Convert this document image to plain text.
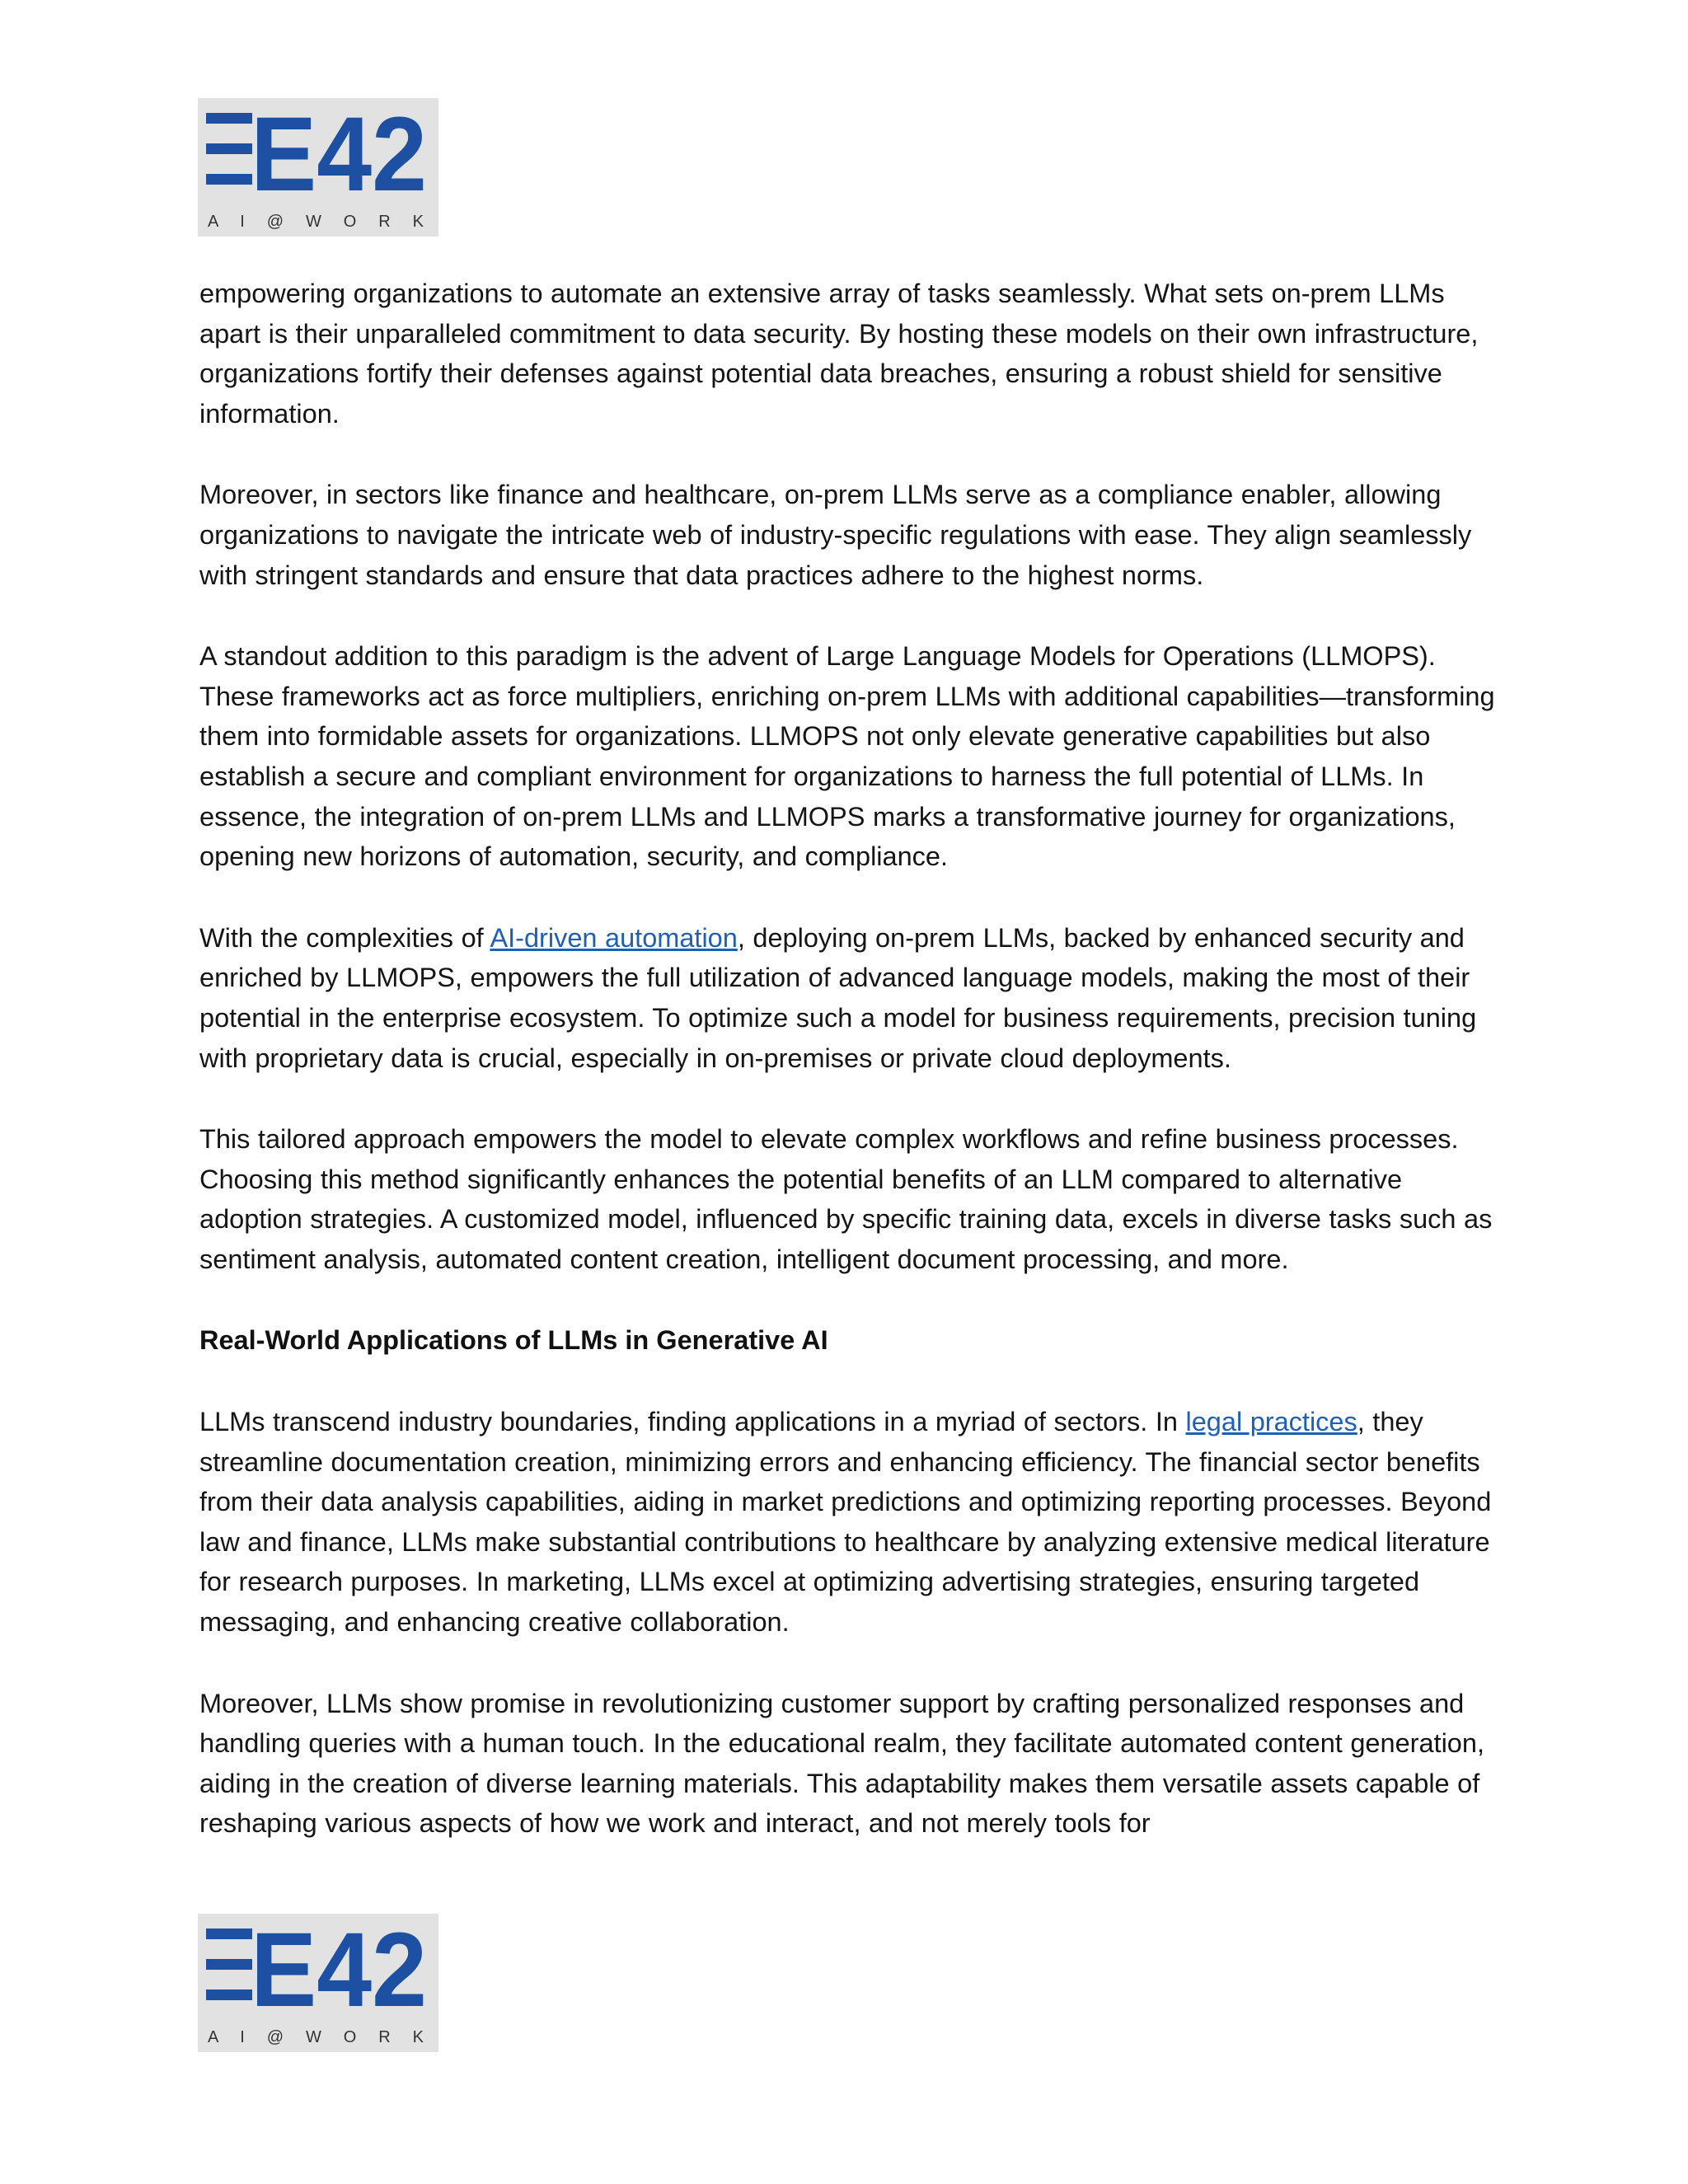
E42
A I @ W O R K

empowering organizations to automate an extensive array of tasks seamlessly. What sets on-prem LLMs apart is their unparalleled commitment to data security. By hosting these models on their own infrastructure, organizations fortify their defenses against potential data breaches, ensuring a robust shield for sensitive information.

Moreover, in sectors like finance and healthcare, on-prem LLMs serve as a compliance enabler, allowing organizations to navigate the intricate web of industry-specific regulations with ease. They align seamlessly with stringent standards and ensure that data practices adhere to the highest norms.

A standout addition to this paradigm is the advent of Large Language Models for Operations (LLMOPS). These frameworks act as force multipliers, enriching on-prem LLMs with additional capabilities—transforming them into formidable assets for organizations. LLMOPS not only elevate generative capabilities but also establish a secure and compliant environment for organizations to harness the full potential of LLMs. In essence, the integration of on-prem LLMs and LLMOPS marks a transformative journey for organizations, opening new horizons of automation, security, and compliance.

With the complexities of AI-driven automation, deploying on-prem LLMs, backed by enhanced security and enriched by LLMOPS, empowers the full utilization of advanced language models, making the most of their potential in the enterprise ecosystem. To optimize such a model for business requirements, precision tuning with proprietary data is crucial, especially in on-premises or private cloud deployments.

This tailored approach empowers the model to elevate complex workflows and refine business processes. Choosing this method significantly enhances the potential benefits of an LLM compared to alternative adoption strategies. A customized model, influenced by specific training data, excels in diverse tasks such as sentiment analysis, automated content creation, intelligent document processing, and more.

Real-World Applications of LLMs in Generative AI

LLMs transcend industry boundaries, finding applications in a myriad of sectors. In legal practices, they streamline documentation creation, minimizing errors and enhancing efficiency. The financial sector benefits from their data analysis capabilities, aiding in market predictions and optimizing reporting processes. Beyond law and finance, LLMs make substantial contributions to healthcare by analyzing extensive medical literature for research purposes. In marketing, LLMs excel at optimizing advertising strategies, ensuring targeted messaging, and enhancing creative collaboration.

Moreover, LLMs show promise in revolutionizing customer support by crafting personalized responses and handling queries with a human touch. In the educational realm, they facilitate automated content generation, aiding in the creation of diverse learning materials. This adaptability makes them versatile assets capable of reshaping various aspects of how we work and interact, and not merely tools for

E42
A I @ W O R K
